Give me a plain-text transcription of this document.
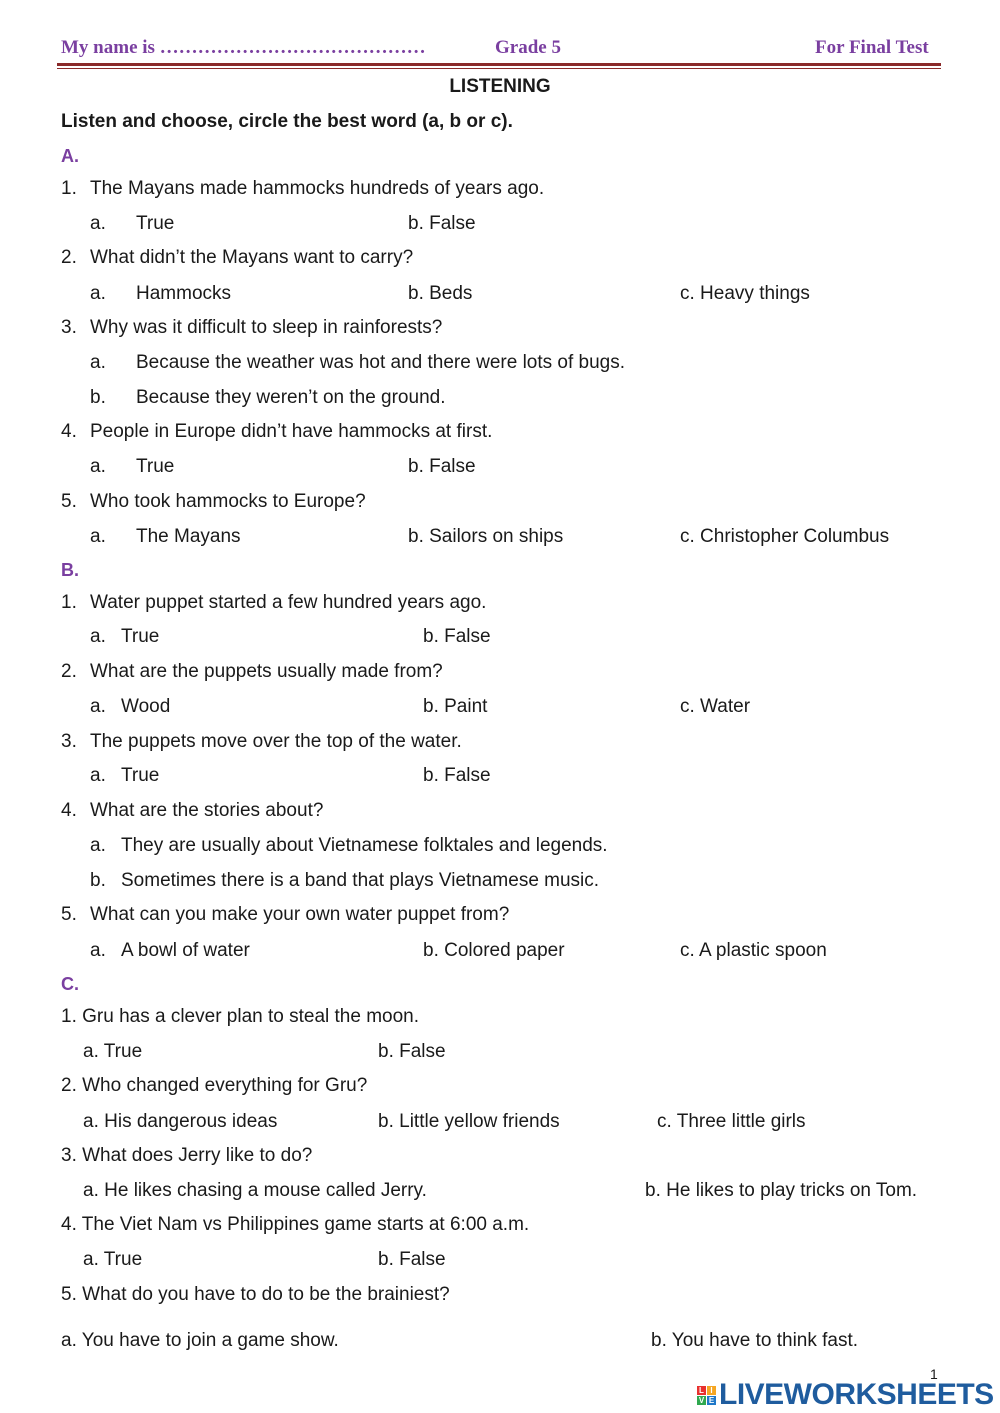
My name is ……………………………………	Grade 5	For Final Test
LISTENING
Listen and choose, circle the best word (a, b or c).
A.
1. The Mayans made hammocks hundreds of years ago.
a. True	b. False
2. What didn’t the Mayans want to carry?
a. Hammocks	b. Beds	c. Heavy things
3. Why was it difficult to sleep in rainforests?
a. Because the weather was hot and there were lots of bugs.
b. Because they weren’t on the ground.
4. People in Europe didn’t have hammocks at first.
a. True	b. False
5. Who took hammocks to Europe?
a. The Mayans	b. Sailors on ships	c. Christopher Columbus
B.
1. Water puppet started a few hundred years ago.
a. True	b. False
2. What are the puppets usually made from?
a. Wood	b. Paint	c. Water
3. The puppets move over the top of the water.
a. True	b. False
4. What are the stories about?
a. They are usually about Vietnamese folktales and legends.
b. Sometimes there is a band that plays Vietnamese music.
5. What can you make your own water puppet from?
a. A bowl of water	b. Colored paper	c. A plastic spoon
C.
1. Gru has a clever plan to steal the moon.
a. True	b. False
2. Who changed everything for Gru?
a. His dangerous ideas	b. Little yellow friends	c. Three little girls
3. What does Jerry like to do?
a. He likes chasing a mouse called Jerry.	b. He likes to play tricks on Tom.
4. The Viet Nam vs Philippines game starts at 6:00 a.m.
a. True	b. False
5. What do you have to do to be the brainiest?
a. You have to join a game show.	b. You have to think fast.
1
L I
V E LIVEWORKSHEETS
